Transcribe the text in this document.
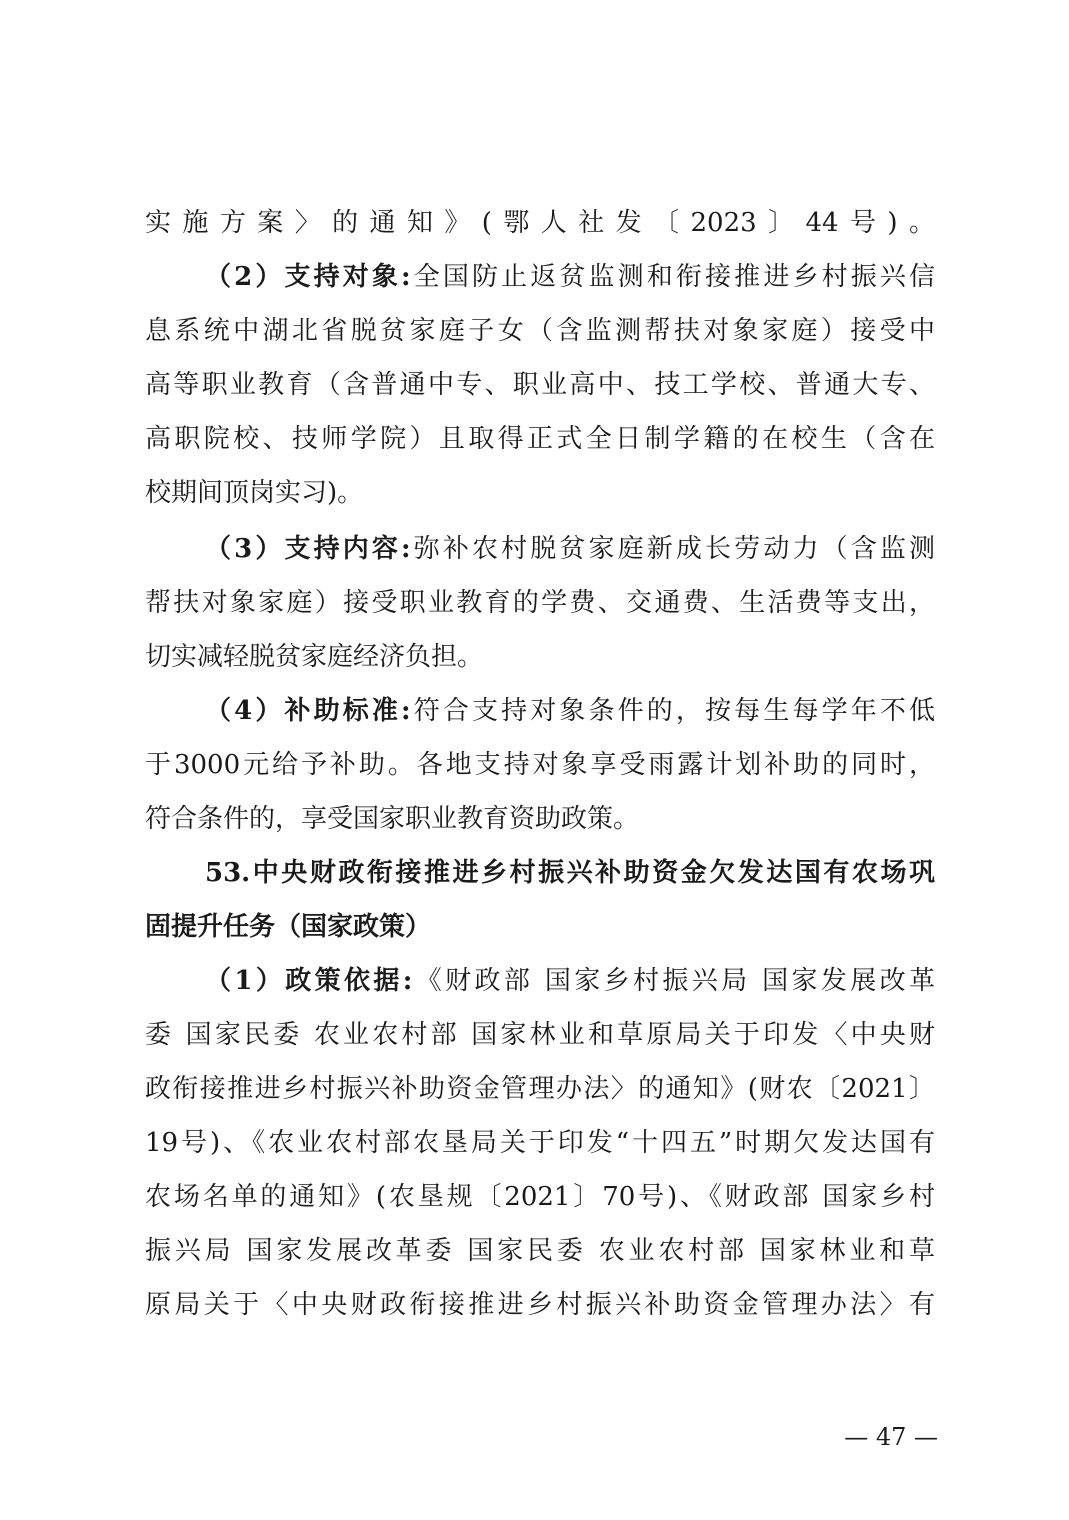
实施方案〉的通知》(鄂人社发〔2023〕44号)。
（2）支持对象:全国防止返贫监测和衔接推进乡村振兴信
息系统中湖北省脱贫家庭子女（含监测帮扶对象家庭）接受中
高等职业教育（含普通中专、职业高中、技工学校、普通大专、
高职院校、技师学院）且取得正式全日制学籍的在校生（含在
校期间顶岗实习)。
（3）支持内容:弥补农村脱贫家庭新成长劳动力（含监测
帮扶对象家庭）接受职业教育的学费、交通费、生活费等支出，
切实减轻脱贫家庭经济负担。
（4）补助标准:符合支持对象条件的，按每生每学年不低
于3000元给予补助。各地支持对象享受雨露计划补助的同时，
符合条件的，享受国家职业教育资助政策。
53.中央财政衔接推进乡村振兴补助资金欠发达国有农场巩
固提升任务（国家政策）
（1）政策依据:《财政部 国家乡村振兴局 国家发展改革
委 国家民委 农业农村部 国家林业和草原局关于印发〈中央财
政衔接推进乡村振兴补助资金管理办法〉的通知》(财农〔2021〕
19号)、《农业农村部农垦局关于印发“十四五”时期欠发达国有
农场名单的通知》(农垦规〔2021〕70号)、《财政部 国家乡村
振兴局 国家发展改革委 国家民委 农业农村部 国家林业和草
原局关于〈中央财政衔接推进乡村振兴补助资金管理办法〉有
— 47 —
